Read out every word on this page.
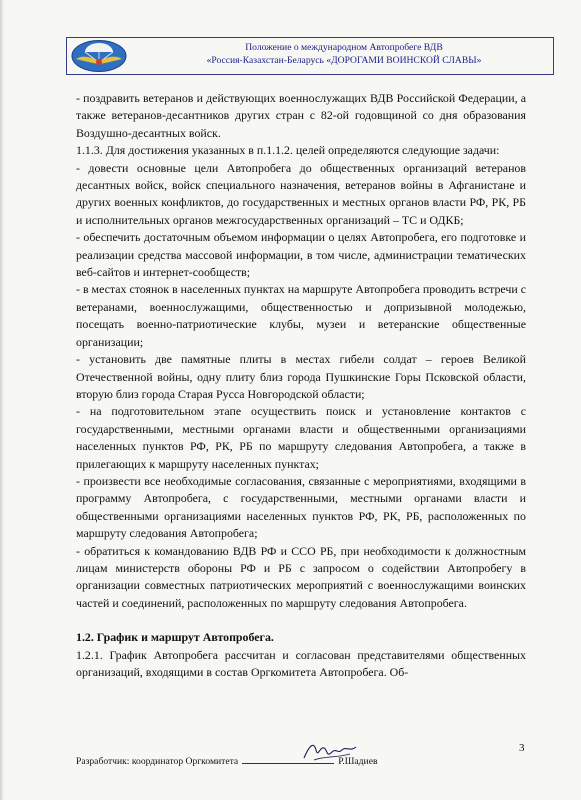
Положение о международном Автопробеге ВДВ
«Россия-Казахстан-Беларусь «ДОРОГАМИ ВОИНСКОЙ СЛАВЫ»

- поздравить ветеранов и действующих военнослужащих ВДВ Российской Федерации, а также ветеранов-десантников других стран с 82-ой годовщиной со дня образования Воздушно-десантных войск.

1.1.3. Для достижения указанных в п.1.1.2. целей определяются следующие задачи:

- довести основные цели Автопробега до общественных организаций ветеранов десантных войск, войск специального назначения, ветеранов войны в Афганистане и других военных конфликтов, до государственных и местных органов власти РФ, РК, РБ и исполнительных органов межгосударственных организаций – ТС и ОДКБ;

- обеспечить достаточным объемом информации о целях Автопробега, его подготовке и реализации средства массовой информации, в том числе, администрации тематических веб-сайтов и интернет-сообществ;

- в местах стоянок в населенных пунктах на маршруте Автопробега проводить встречи с ветеранами, военнослужащими, общественностью и допризывной молодежью, посещать военно-патриотические клубы, музеи и ветеранские общественные организации;

- установить две памятные плиты в местах гибели солдат – героев Великой Отечественной войны, одну плиту близ города Пушкинские Горы Псковской области, вторую близ города Старая Русса Новгородской области;

- на подготовительном этапе осуществить поиск и установление контактов с государственными, местными органами власти и общественными организациями населенных пунктов РФ, РК, РБ по маршруту следования Автопробега, а также в прилегающих к маршруту населенных пунктах;

- произвести все необходимые согласования, связанные с мероприятиями, входящими в программу Автопробега, с государственными, местными органами власти и общественными организациями населенных пунктов РФ, РК, РБ, расположенных по маршруту следования Автопробега;

- обратиться к командованию ВДВ РФ и ССО РБ, при необходимости к должностным лицам министерств обороны РФ и РБ с запросом о содействии Автопробегу в организации совместных патриотических мероприятий с военнослужащими воинских частей и соединений, расположенных по маршруту следования Автопробега.

1.2. График и маршрут Автопробега.

1.2.1. График Автопробега рассчитан и согласован представителями общественных организаций, входящими в состав Оргкомитета Автопробега. Об-

3
Разработчик: координатор Оргкомитета	Р.Шадиев
